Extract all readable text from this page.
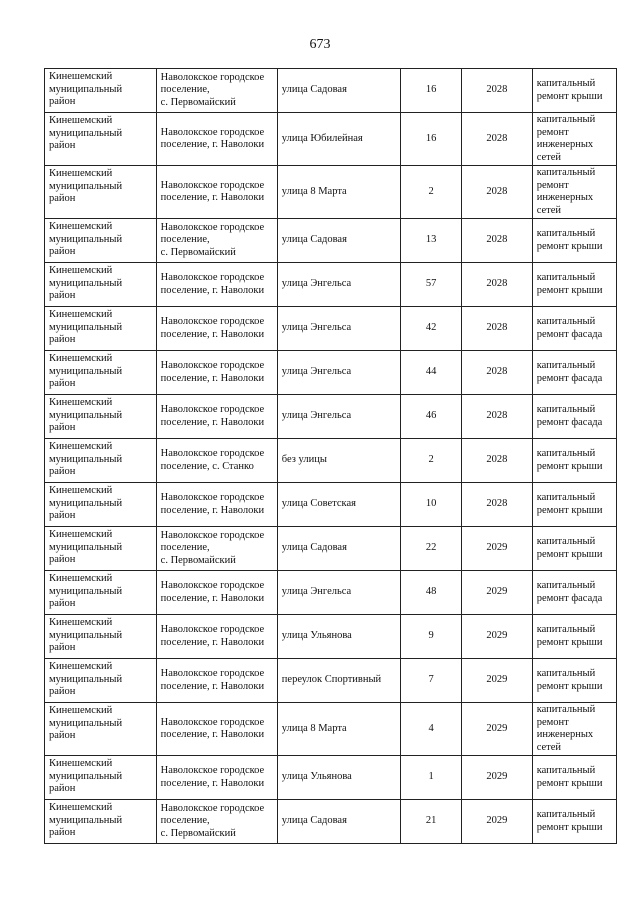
673
Кинешемский
муниципальный
район	Наволокское городское
поселение,
с. Первомайский	улица Садовая	16	2028	капитальный
ремонт крыши

Кинешемский
муниципальный
район	Наволокское городское
поселение, г. Наволоки	улица Юбилейная	16	2028	капитальный
ремонт
инженерных
сетей

Кинешемский
муниципальный
район	Наволокское городское
поселение, г. Наволоки	улица 8 Марта	2	2028	капитальный
ремонт
инженерных
сетей

Кинешемский
муниципальный
район	Наволокское городское
поселение,
с. Первомайский	улица Садовая	13	2028	капитальный
ремонт крыши

Кинешемский
муниципальный
район	Наволокское городское
поселение, г. Наволоки	улица Энгельса	57	2028	капитальный
ремонт крыши

Кинешемский
муниципальный
район	Наволокское городское
поселение, г. Наволоки	улица Энгельса	42	2028	капитальный
ремонт фасада

Кинешемский
муниципальный
район	Наволокское городское
поселение, г. Наволоки	улица Энгельса	44	2028	капитальный
ремонт фасада

Кинешемский
муниципальный
район	Наволокское городское
поселение, г. Наволоки	улица Энгельса	46	2028	капитальный
ремонт фасада

Кинешемский
муниципальный
район	Наволокское городское
поселение, с. Станко	без улицы	2	2028	капитальный
ремонт крыши

Кинешемский
муниципальный
район	Наволокское городское
поселение, г. Наволоки	улица Советская	10	2028	капитальный
ремонт крыши

Кинешемский
муниципальный
район	Наволокское городское
поселение,
с. Первомайский	улица Садовая	22	2029	капитальный
ремонт крыши

Кинешемский
муниципальный
район	Наволокское городское
поселение, г. Наволоки	улица Энгельса	48	2029	капитальный
ремонт фасада

Кинешемский
муниципальный
район	Наволокское городское
поселение, г. Наволоки	улица Ульянова	9	2029	капитальный
ремонт крыши

Кинешемский
муниципальный
район	Наволокское городское
поселение, г. Наволоки	переулок Спортивный	7	2029	капитальный
ремонт крыши

Кинешемский
муниципальный
район	Наволокское городское
поселение, г. Наволоки	улица 8 Марта	4	2029	капитальный
ремонт
инженерных
сетей

Кинешемский
муниципальный
район	Наволокское городское
поселение, г. Наволоки	улица Ульянова	1	2029	капитальный
ремонт крыши

Кинешемский
муниципальный
район	Наволокское городское
поселение,
с. Первомайский	улица Садовая	21	2029	капитальный
ремонт крыши
